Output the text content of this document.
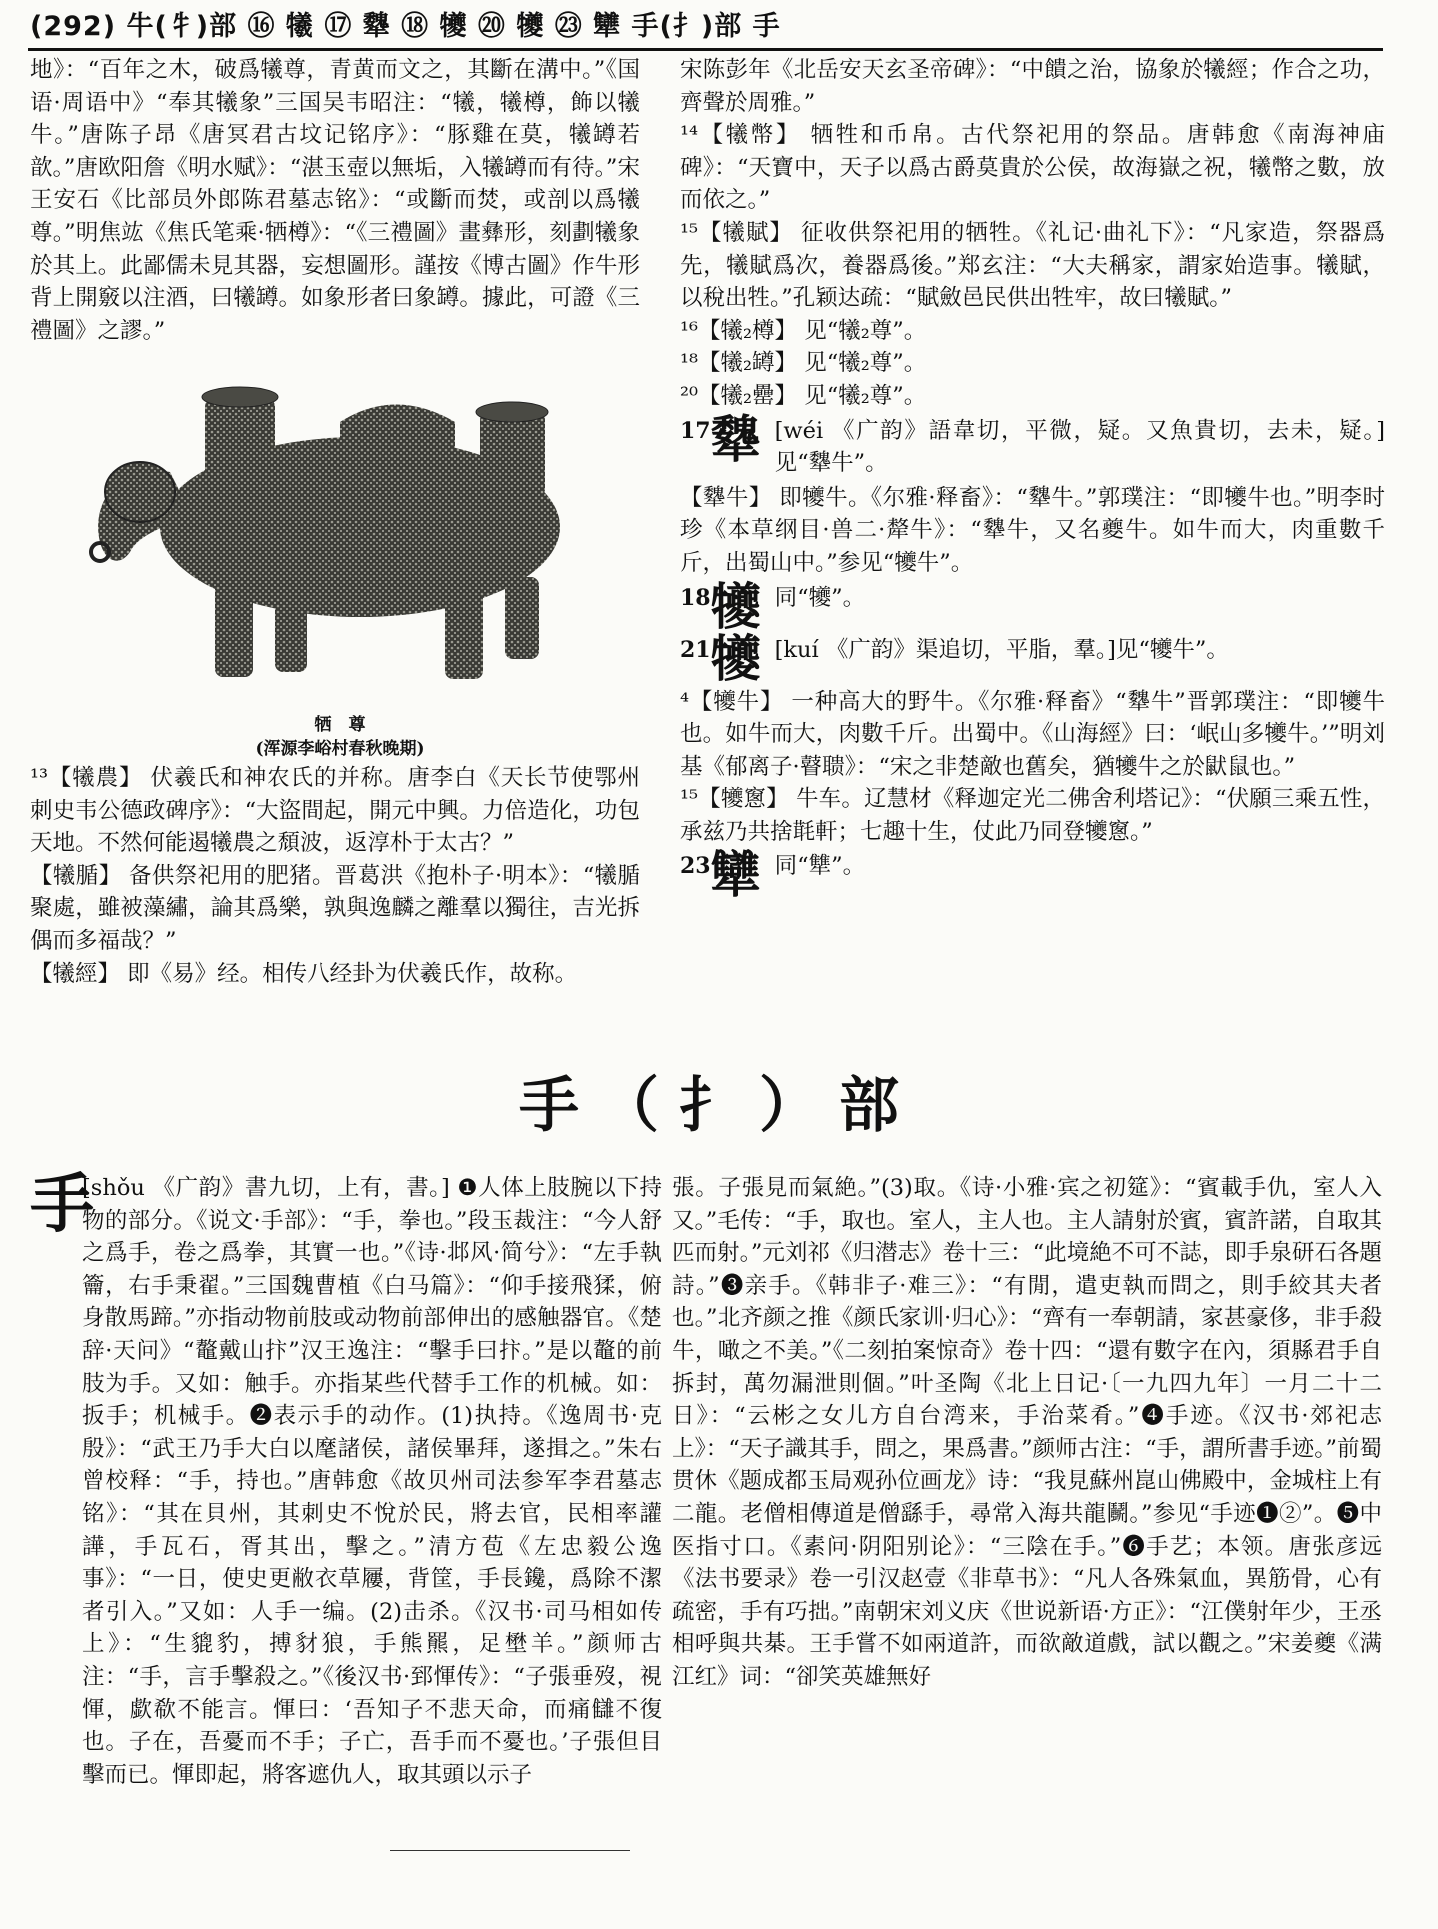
(292) 牛(牜)部 ⑯ 犧 ⑰ 犩 ⑱ 犪 ⑳ 犪 ㉓ 犫 手(扌)部 手

地》：“百年之木，破爲犧尊，青黄而文之，其斷在溝中。”《国语·周语中》“奉其犧象”三国吴韦昭注：“犧，犧樽，飾以犧牛。”唐陈子昂《唐冥君古坟记铭序》：“豚雞在莫，犧罇若歆。”唐欧阳詹《明水赋》：“湛玉壺以無垢，入犧罇而有待。”宋王安石《比部员外郎陈君墓志铭》：“或斷而焚，或剖以爲犧尊。”明焦竑《焦氏笔乘·牺樽》：“《三禮圖》畫彝形，刻劃犧象於其上。此鄙儒未見其器，妄想圖形。謹按《博古圖》作牛形背上開竅以注酒，曰犧罇。如象形者曰象罇。據此，可證《三禮圖》之謬。”

牺　尊
(浑源李峪村春秋晚期)

¹³【犧農】 伏羲氏和神农氏的并称。唐李白《天长节使鄂州刺史韦公德政碑序》：“大盜間起，開元中興。力倍造化，功包天地。不然何能遏犧農之頹波，返淳朴于太古？”

【犧腯】 备供祭祀用的肥猪。晋葛洪《抱朴子·明本》：“犧腯聚處，雖被藻繡，論其爲樂，孰與逸麟之離羣以獨往，吉光拆偶而多福哉？”

【犧經】 即《易》经。相传八经卦为伏羲氏作，故称。

宋陈彭年《北岳安天玄圣帝碑》：“中饋之治，協象於犧經；作合之功，齊聲於周雅。”

¹⁴【犧幣】 牺牲和币帛。古代祭祀用的祭品。唐韩愈《南海神庙碑》：“天寶中，天子以爲古爵莫貴於公侯，故海嶽之祝，犧幣之數，放而依之。”

¹⁵【犧賦】 征收供祭祀用的牺牲。《礼记·曲礼下》：“凡家造，祭器爲先，犧賦爲次，養器爲後。”郑玄注：“大夫稱家，謂家始造事。犧賦，以稅出牲。”孔颖达疏：“賦斂邑民供出牲牢，故曰犧賦。”

¹⁶【犧₂樽】 见“犧₂尊”。

¹⁸【犧₂罇】 见“犧₂尊”。

²⁰【犧₂罍】 见“犧₂尊”。

17 犩 [wéi 《广韵》語韋切，平微，疑。又魚貴切，去未，疑。]见“犩牛”。

【犩牛】 即犪牛。《尔雅·释畜》：“犩牛。”郭璞注：“即犪牛也。”明李时珍《本草纲目·兽二·犛牛》：“犩牛，又名夔牛。如牛而大，肉重數千斤，出蜀山中。”参见“犪牛”。

18 犪 同“犪”。
21 犪 [kuí 《广韵》渠追切，平脂，羣。]见“犪牛”。

⁴【犪牛】 一种高大的野牛。《尔雅·释畜》“犩牛”晋郭璞注：“即犪牛也。如牛而大，肉數千斤。出蜀中。《山海經》曰：‘岷山多犪牛。’”明刘基《郁离子·瞽聩》：“宋之非楚敵也舊矣，猶犪牛之於鼣鼠也。”

¹⁵【犪窻】 牛车。辽慧材《释迦定光二佛舍利塔记》：“伏願三乘五性，承兹乃共捨㲨軒；七趣十生，仗此乃同登犪窻。”

23 犫 同“犨”。
手（扌）部
手

[shǒu 《广韵》書九切，上有，書。] ❶人体上肢腕以下持物的部分。《说文·手部》：“手，拳也。”段玉裁注：“今人舒之爲手，卷之爲拳，其實一也。”《诗·邶风·简兮》：“左手執籥，右手秉翟。”三国魏曹植《白马篇》：“仰手接飛猱，俯身散馬蹄。”亦指动物前肢或动物前部伸出的感触器官。《楚辞·天问》“鼇戴山抃”汉王逸注：“擊手曰抃。”是以鼇的前肢为手。又如：触手。亦指某些代替手工作的机械。如：扳手；机械手。❷表示手的动作。(1)执持。《逸周书·克殷》：“武王乃手大白以麾諸侯，諸侯畢拜，遂揖之。”朱右曾校释：“手，持也。”唐韩愈《故贝州司法参军李君墓志铭》：“其在貝州，其刺史不悅於民，將去官，民相率讙譁，手瓦石，胥其出，擊之。”清方苞《左忠毅公逸事》：“一日，使史更敝衣草屨，背筐，手長鑱，爲除不潔者引入。”又如：人手一编。(2)击杀。《汉书·司马相如传上》：“生貔豹，搏豺狼，手熊羆，足壄羊。”颜师古注：“手，言手擊殺之。”《後汉书·郅惲传》：“子張垂歿，視惲，歔欷不能言。惲曰：‘吾知子不悲天命，而痛讎不復也。子在，吾憂而不手；子亡，吾手而不憂也。’子張但目擊而已。惲即起，將客遮仇人，取其頭以示子

張。子張見而氣絶。”(3)取。《诗·小雅·宾之初筵》：“賓載手仇，室人入又。”毛传：“手，取也。室人，主人也。主人請射於賓，賓許諾，自取其匹而射。”元刘祁《归潜志》卷十三：“此境絶不可不誌，即手泉研石各題詩。”❸亲手。《韩非子·难三》：“有閒，遣吏執而問之，則手絞其夫者也。”北齐颜之推《颜氏家训·归心》：“齊有一奉朝請，家甚豪侈，非手殺牛，噉之不美。”《二刻拍案惊奇》卷十四：“還有數字在內，須縣君手自拆封，萬勿漏泄則個。”叶圣陶《北上日记·〔一九四九年〕一月二十二日》：“云彬之女儿方自台湾来，手治菜肴。”❹手迹。《汉书·郊祀志上》：“天子識其手，問之，果爲書。”颜师古注：“手，謂所書手迹。”前蜀贯休《题成都玉局观孙位画龙》诗：“我見蘇州崑山佛殿中，金城柱上有二龍。老僧相傳道是僧繇手，尋常入海共龍鬭。”参见“手迹❶②”。❺中医指寸口。《素问·阴阳别论》：“三陰在手。”❻手艺；本领。唐张彦远《法书要录》卷一引汉赵壹《非草书》：“凡人各殊氣血，異筋骨，心有疏密，手有巧拙。”南朝宋刘义庆《世说新语·方正》：“江僕射年少，王丞相呼與共棊。王手嘗不如兩道許，而欲敵道戲，試以觀之。”宋姜夔《满江红》词：“卻笑英雄無好
